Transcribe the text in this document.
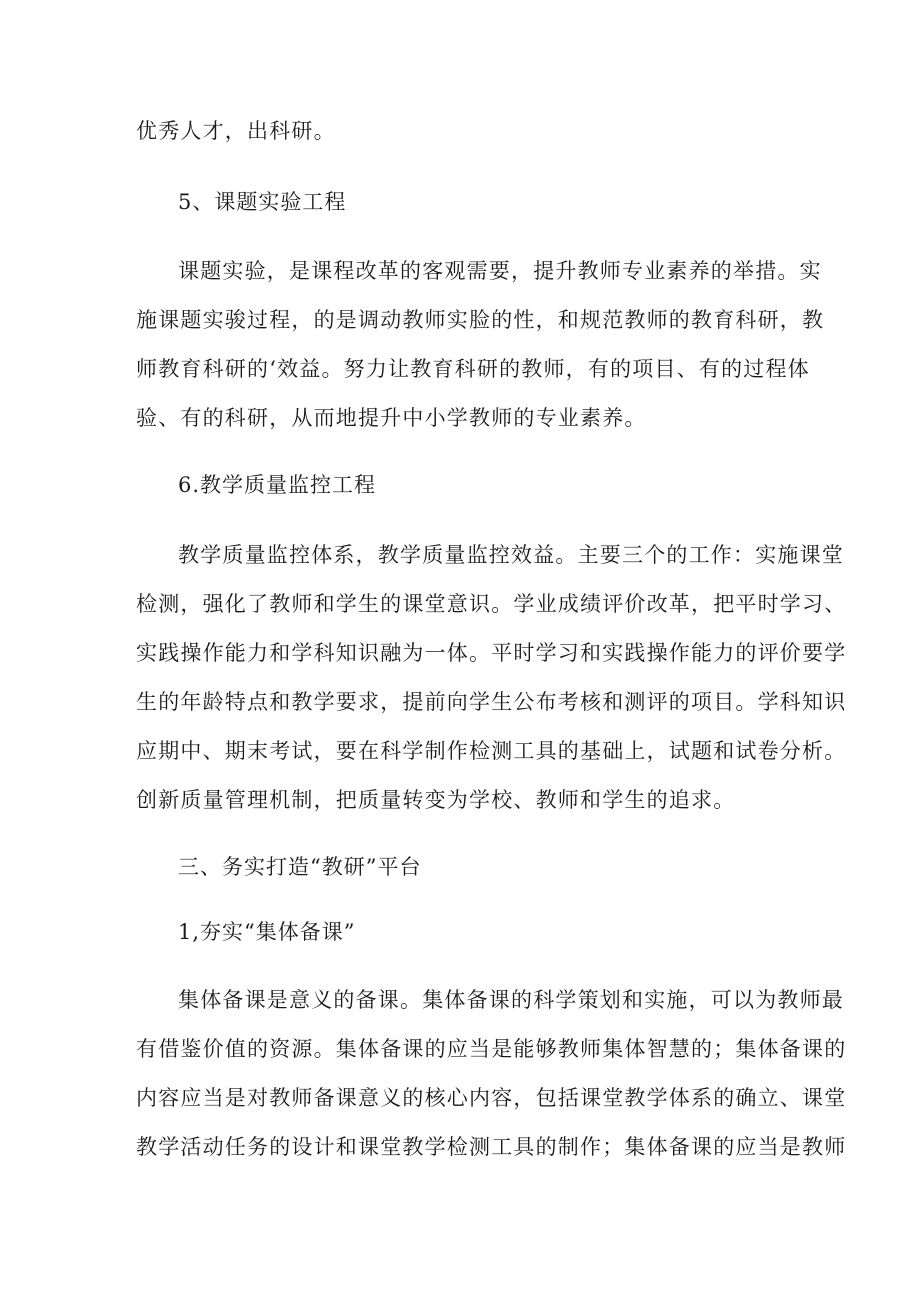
优秀人才，出科研。
5、课题实验工程
课题实验，是课程改革的客观需要，提升教师专业素养的举措。实
施课题实骏过程，的是调动教师实脸的性，和规范教师的教育科研，教
师教育科研的‘效益。努力让教育科研的教师，有的项目、有的过程体
验、有的科研，从而地提升中小学教师的专业素养。
6.教学质量监控工程
教学质量监控体系，教学质量监控效益。主要三个的工作：实施课堂
检测，强化了教师和学生的课堂意识。学业成绩评价改革，把平时学习、
实践操作能力和学科知识融为一体。平时学习和实践操作能力的评价要学
生的年龄特点和教学要求，提前向学生公布考核和测评的项目。学科知识
应期中、期末考试，要在科学制作检测工具的基础上，试题和试卷分析。
创新质量管理机制，把质量转变为学校、教师和学生的追求。
三、务实打造“教研”平台
1,夯实“集体备课”
集体备课是意义的备课。集体备课的科学策划和实施，可以为教师最
有借鉴价值的资源。集体备课的应当是能够教师集体智慧的；集体备课的
内容应当是对教师备课意义的核心内容，包括课堂教学体系的确立、课堂
教学活动任务的设计和课堂教学检测工具的制作；集体备课的应当是教师
